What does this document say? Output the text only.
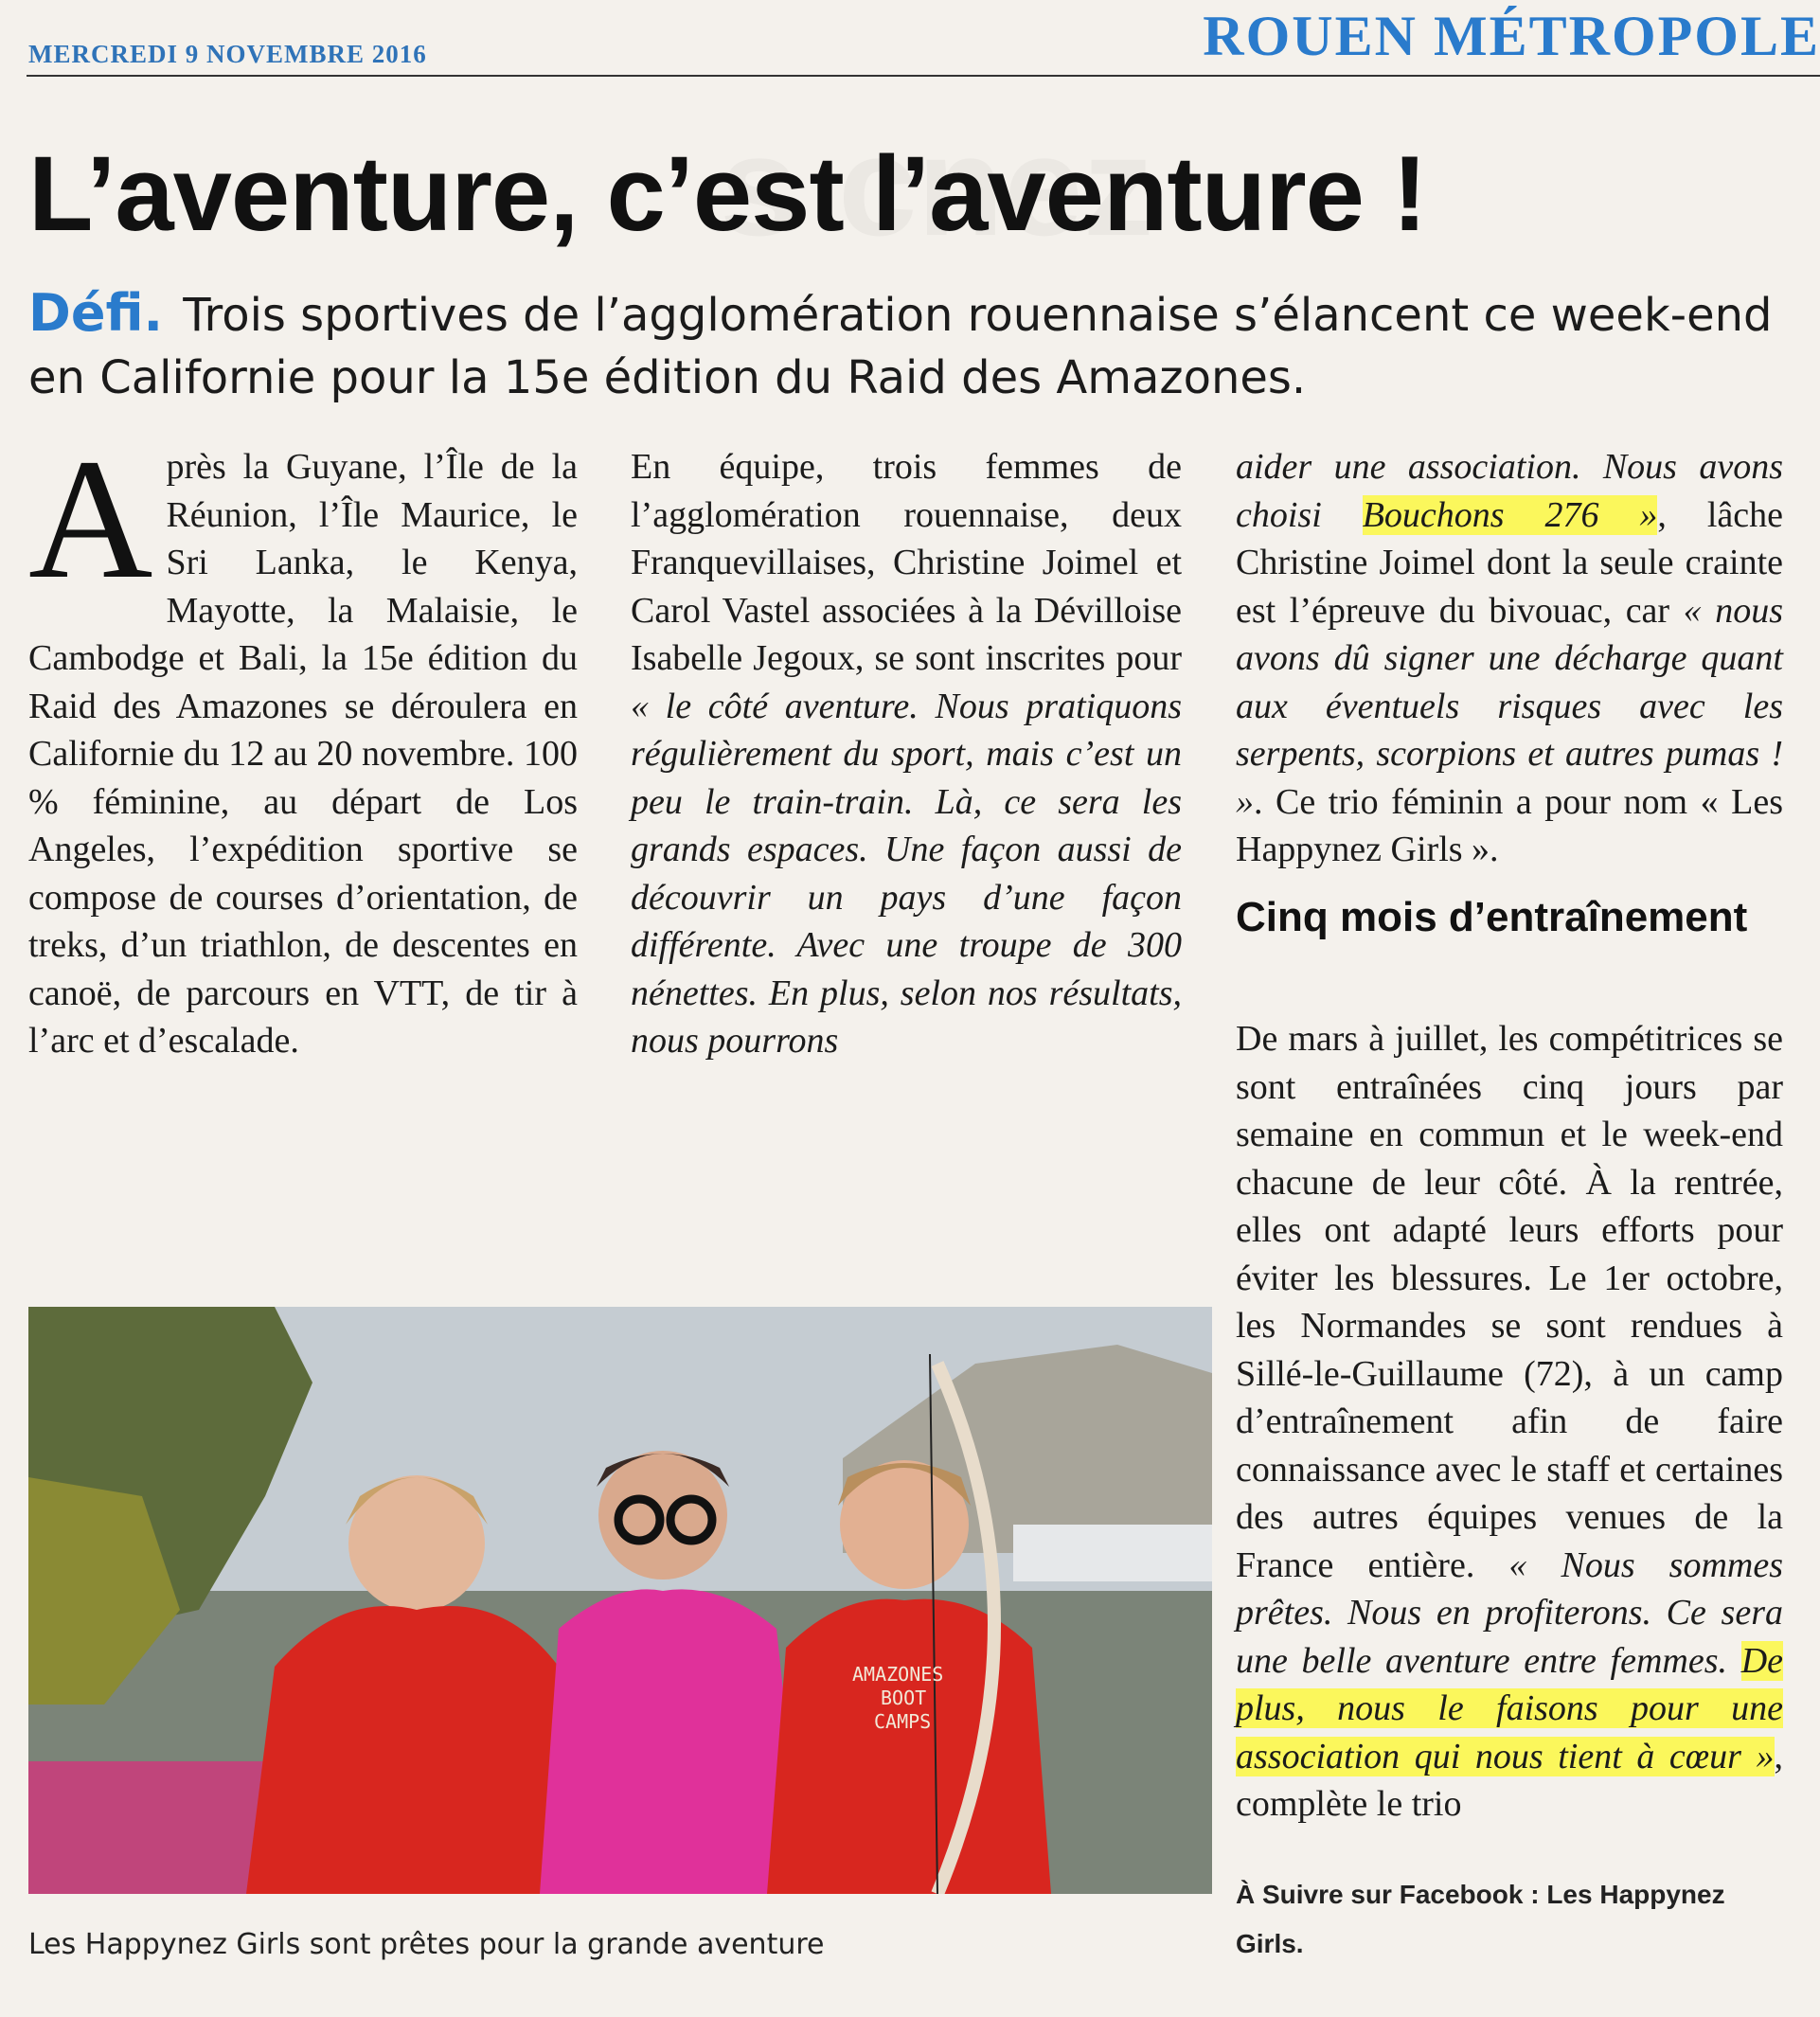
MERCREDI 9 NOVEMBRE 2016	ROUEN MÉTROPOLE
L’aventure, c’est l’aventure !
Défi. Trois sportives de l’agglomération rouennaise s’élancent ce week-end en Californie pour la 15e édition du Raid des Amazones.
A près la Guyane, l’Île de la Réunion, l’Île Maurice, le Sri Lanka, le Kenya, Mayotte, la Malaisie, le Cambodge et Bali, la 15e édition du Raid des Amazones se déroulera en Californie du 12 au 20 novembre. 100 % féminine, au départ de Los Angeles, l’expédition sportive se compose de courses d’orientation, de treks, d’un triathlon, de descentes en canoë, de parcours en VTT, de tir à l’arc et d’escalade.

En équipe, trois femmes de l’agglomération rouennaise, deux Franquevillaises, Christine Joimel et Carol Vastel associées à la Dévilloise Isabelle Jegoux, se sont inscrites pour « le côté aventure. Nous pratiquons régulièrement du sport, mais c’est un peu le train-train. Là, ce sera les grands espaces. Une façon aussi de découvrir un pays d’une façon différente. Avec une troupe de 300 nénettes. En plus, selon nos résultats, nous pourrons

aider une association. Nous avons choisi Bouchons 276 », lâche Christine Joimel dont la seule crainte est l’épreuve du bivouac, car « nous avons dû signer une décharge quant aux éventuels risques avec les serpents, scorpions et autres pumas ! ». Ce trio féminin a pour nom « Les Happynez Girls ».

Cinq mois d’entraînement

De mars à juillet, les compétitrices se sont entraînées cinq jours par semaine en commun et le week-end chacune de leur côté. À la rentrée, elles ont adapté leurs efforts pour éviter les blessures. Le 1er octobre, les Normandes se sont rendues à Sillé-le-Guillaume (72), à un camp d’entraînement afin de faire connaissance avec le staff et certaines des autres équipes venues de la France entière. « Nous sommes prêtes. Nous en profiterons. Ce sera une belle aventure entre femmes. De plus, nous le faisons pour une association qui nous tient à cœur », complète le trio

À Suivre sur Facebook : Les Happynez Girls.
AMAZONES
BOOT
CAMPS
Les Happynez Girls sont prêtes pour la grande aventure
